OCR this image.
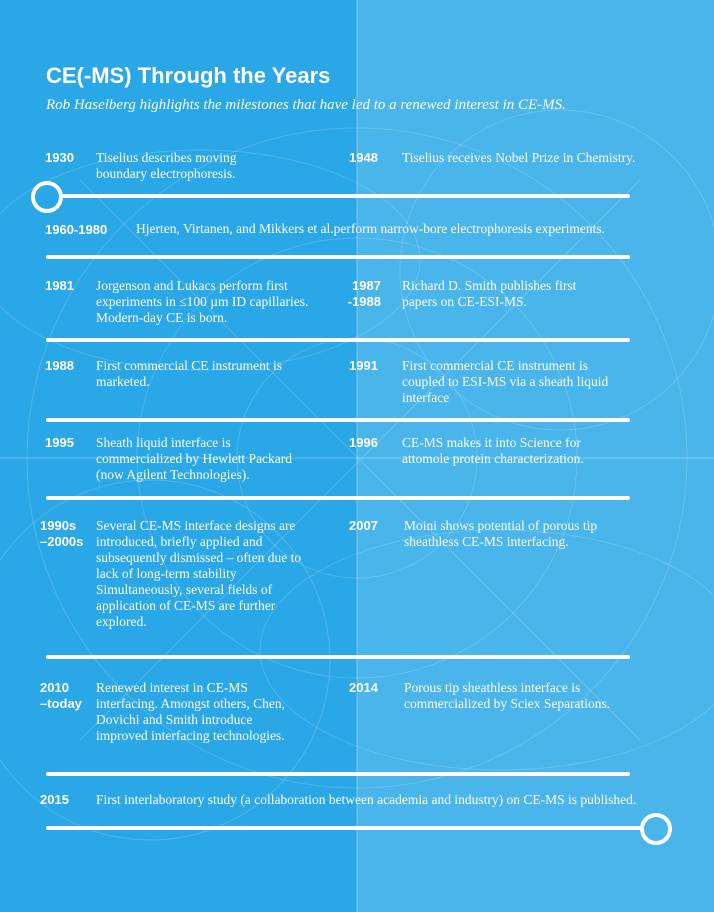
CE(-MS) Through the Years

Rob Haselberg highlights the milestones that have led to a renewed interest in CE-MS.

1930 Tiselius describes moving boundary electrophoresis.
1948 Tiselius receives Nobel Prize in Chemistry.
1960-1980 Hjerten, Virtanen, and Mikkers et al.perform narrow-bore electrophoresis experiments.
1981 Jorgenson and Lukacs perform first experiments in ≤100 µm ID capillaries. Modern-day CE is born.
1987
-1988
Richard D. Smith publishes first papers on CE-ESI-MS.
1988 First commercial CE instrument is marketed.
1991 First commercial CE instrument is coupled to ESI-MS via a sheath liquid interface
1995 Sheath liquid interface is commercialized by Hewlett Packard (now Agilent Technologies).
1996 CE-MS makes it into Science for attomole protein characterization.
1990s
–2000s
Several CE-MS interface designs are introduced, briefly applied and subsequently dismissed – often due to lack of long-term stability Simultaneously, several fields of application of CE-MS are further explored.
2007 Moini shows potential of porous tip sheathless CE-MS interfacing.
2010
–today
Renewed interest in CE-MS interfacing. Amongst others, Chen, Dovichi and Smith introduce improved interfacing technologies.
2014 Porous tip sheathless interface is commercialized by Sciex Separations.
2015 First interlaboratory study (a collaboration between academia and industry) on CE-MS is published.
